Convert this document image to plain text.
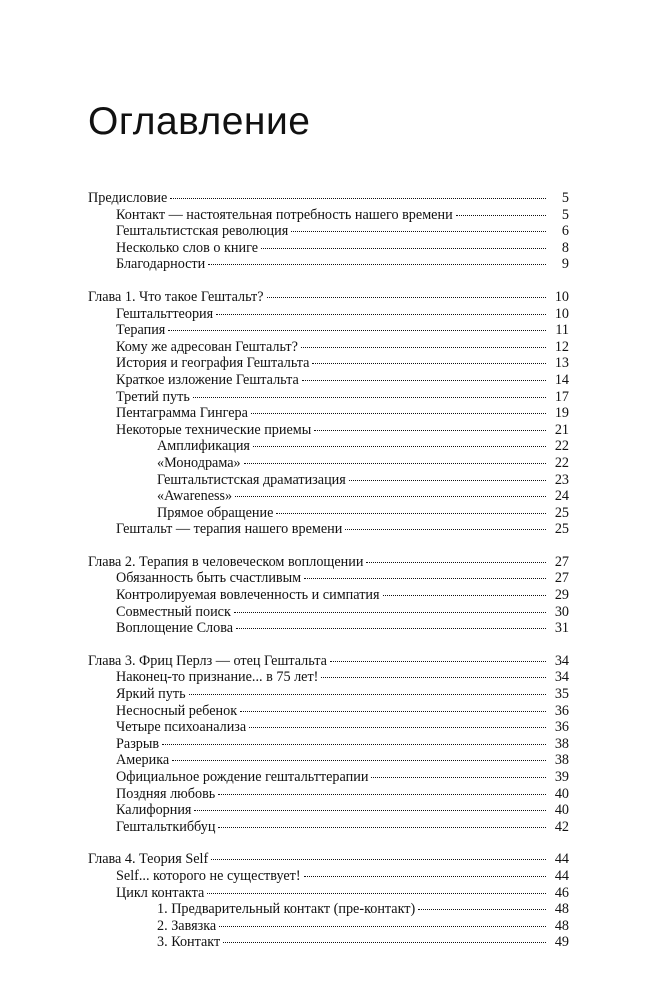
Оглавление
Предисловие	5
Контакт — настоятельная потребность нашего времени	5
Гештальтистская революция	6
Несколько слов о книге	8
Благодарности	9
Глава 1. Что такое Гештальт?	10
Гештальттеория	10
Терапия	11
Кому же адресован Гештальт?	12
История и география Гештальта	13
Краткое изложение Гештальта	14
Третий путь	17
Пентаграмма Гингера	19
Некоторые технические приемы	21
Амплификация	22
«Монодрама»	22
Гештальтистская драматизация	23
«Awareness»	24
Прямое обращение	25
Гештальт — терапия нашего времени	25
Глава 2. Терапия в человеческом воплощении	27
Обязанность быть счастливым	27
Контролируемая вовлеченность и симпатия	29
Совместный поиск	30
Воплощение Слова	31
Глава 3. Фриц Перлз — отец Гештальта	34
Наконец-то признание... в 75 лет!	34
Яркий путь	35
Несносный ребенок	36
Четыре психоанализа	36
Разрыв	38
Америка	38
Официальное рождение гештальттерапии	39
Поздняя любовь	40
Калифорния	40
Гештальткиббуц	42
Глава 4. Теория Self	44
Self... которого не существует!	44
Цикл контакта	46
1. Предварительный контакт (пре-контакт)	48
2. Завязка	48
3. Контакт	49
